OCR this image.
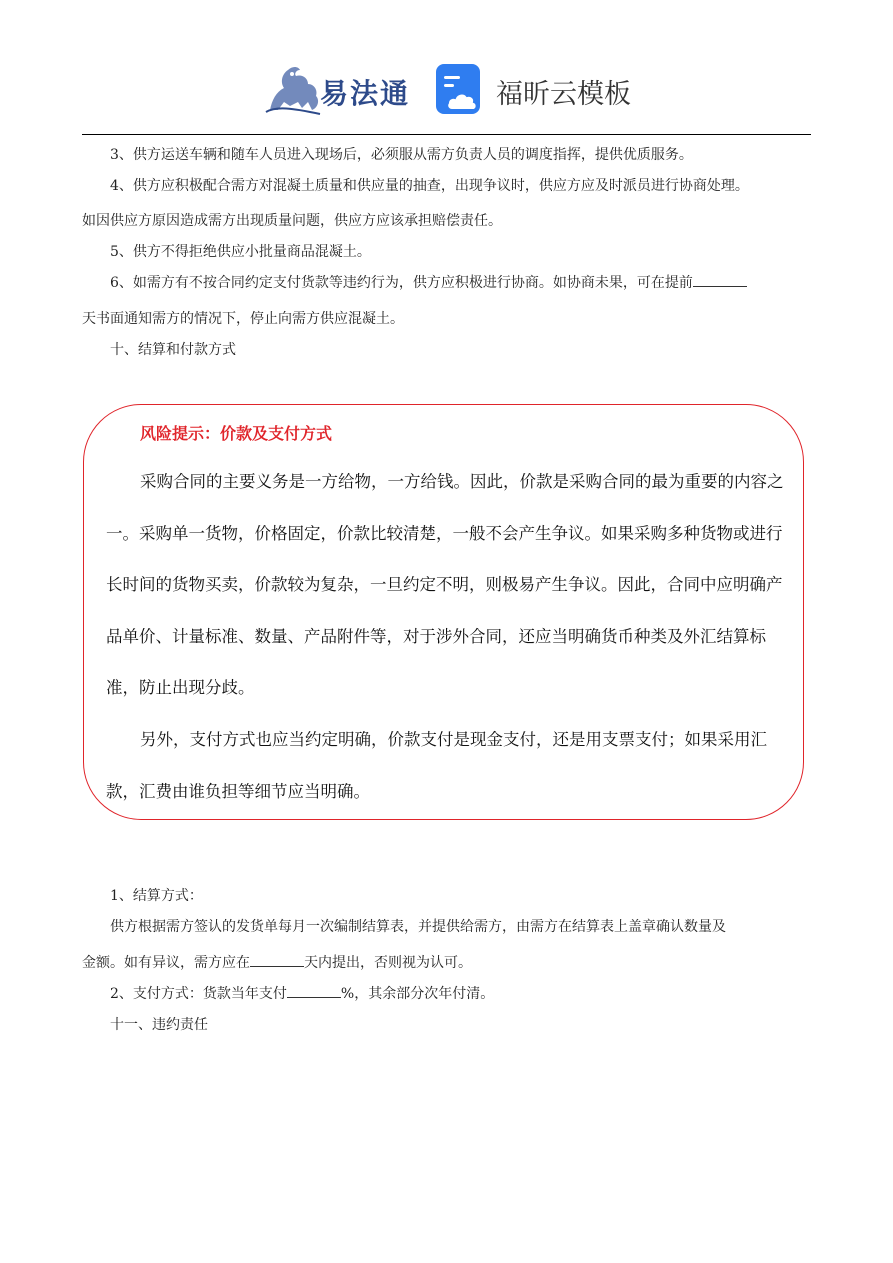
易法通	福昕云模板

3、供方运送车辆和随车人员进入现场后，必须服从需方负责人员的调度指挥，提供优质服务。

4、供方应积极配合需方对混凝土质量和供应量的抽查，出现争议时，供应方应及时派员进行协商处理。

如因供应方原因造成需方出现质量问题，供应方应该承担赔偿责任。

5、供方不得拒绝供应小批量商品混凝土。

6、如需方有不按合同约定支付货款等违约行为，供方应积极进行协商。如协商未果，可在提前

天书面通知需方的情况下，停止向需方供应混凝土。

十、结算和付款方式

风险提示：价款及支付方式

采购合同的主要义务是一方给物，一方给钱。因此，价款是采购合同的最为重要的内容之一。采购单一货物，价格固定，价款比较清楚，一般不会产生争议。如果采购多种货物或进行长时间的货物买卖，价款较为复杂，一旦约定不明，则极易产生争议。因此，合同中应明确产品单价、计量标准、数量、产品附件等，对于涉外合同，还应当明确货币种类及外汇结算标准，防止出现分歧。

另外，支付方式也应当约定明确，价款支付是现金支付，还是用支票支付；如果采用汇款，汇费由谁负担等细节应当明确。

1、结算方式：

供方根据需方签认的发货单每月一次编制结算表，并提供给需方，由需方在结算表上盖章确认数量及

金额。如有异议，需方应在	天内提出，否则视为认可。

2、支付方式：货款当年支付	%，其余部分次年付清。

十一、违约责任
